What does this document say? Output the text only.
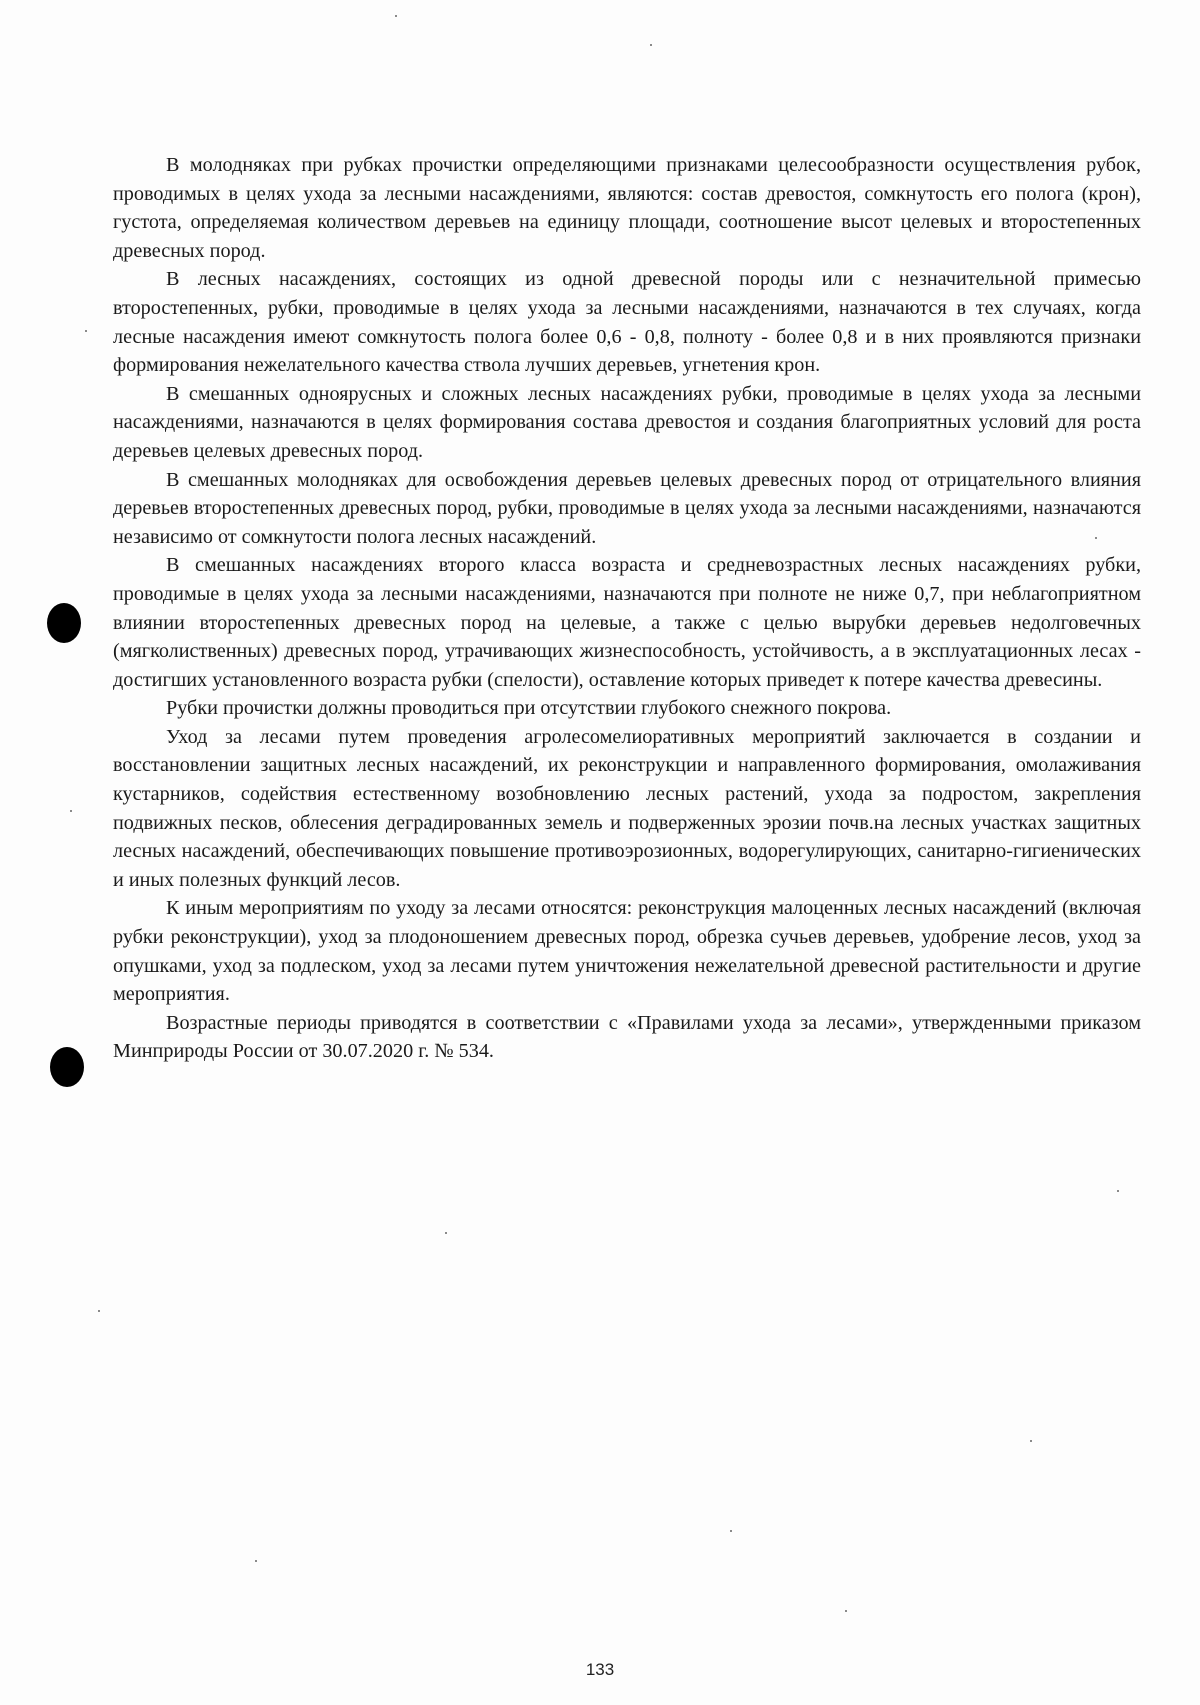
В молодняках при рубках прочистки определяющими признаками целесообразности осуществления рубок, проводимых в целях ухода за лесными насаждениями, являются: состав древостоя, сомкнутость его полога (крон), густота, определяемая количеством деревьев на единицу площади, соотношение высот целевых и второстепенных древесных пород.

В лесных насаждениях, состоящих из одной древесной породы или с незначительной примесью второстепенных, рубки, проводимые в целях ухода за лесными насаждениями, назначаются в тех случаях, когда лесные насаждения имеют сомкнутость полога более 0,6 - 0,8, полноту - более 0,8 и в них проявляются признаки формирования нежелательного качества ствола лучших деревьев, угнетения крон.

В смешанных одноярусных и сложных лесных насаждениях рубки, проводимые в целях ухода за лесными насаждениями, назначаются в целях формирования состава древостоя и создания благоприятных условий для роста деревьев целевых древесных пород.

В смешанных молодняках для освобождения деревьев целевых древесных пород от отрицательного влияния деревьев второстепенных древесных пород, рубки, проводимые в целях ухода за лесными насаждениями, назначаются независимо от сомкнутости полога лесных насаждений.

В смешанных насаждениях второго класса возраста и средневозрастных лесных насаждениях рубки, проводимые в целях ухода за лесными насаждениями, назначаются при полноте не ниже 0,7, при неблагоприятном влиянии второстепенных древесных пород на целевые, а также с целью вырубки деревьев недолговечных (мягколиственных) древесных пород, утрачивающих жизнеспособность, устойчивость, а в эксплуатационных лесах - достигших установленного возраста рубки (спелости), оставление которых приведет к потере качества древесины.

Рубки прочистки должны проводиться при отсутствии глубокого снежного покрова.

Уход за лесами путем проведения агролесомелиоративных мероприятий заключается в создании и восстановлении защитных лесных насаждений, их реконструкции и направленного формирования, омолаживания кустарников, содействия естественному возобновлению лесных растений, ухода за подростом, закрепления подвижных песков, облесения деградированных земель и подверженных эрозии почв.на лесных участках защитных лесных насаждений, обеспечивающих повышение противоэрозионных, водорегулирующих, санитарно-гигиенических и иных полезных функций лесов.

К иным мероприятиям по уходу за лесами относятся: реконструкция малоценных лесных насаждений (включая рубки реконструкции), уход за плодоношением древесных пород, обрезка сучьев деревьев, удобрение лесов, уход за опушками, уход за подлеском, уход за лесами путем уничтожения нежелательной древесной растительности и другие мероприятия.

Возрастные периоды приводятся в соответствии с «Правилами ухода за лесами», утвержденными приказом Минприроды России от 30.07.2020 г. № 534.

133
